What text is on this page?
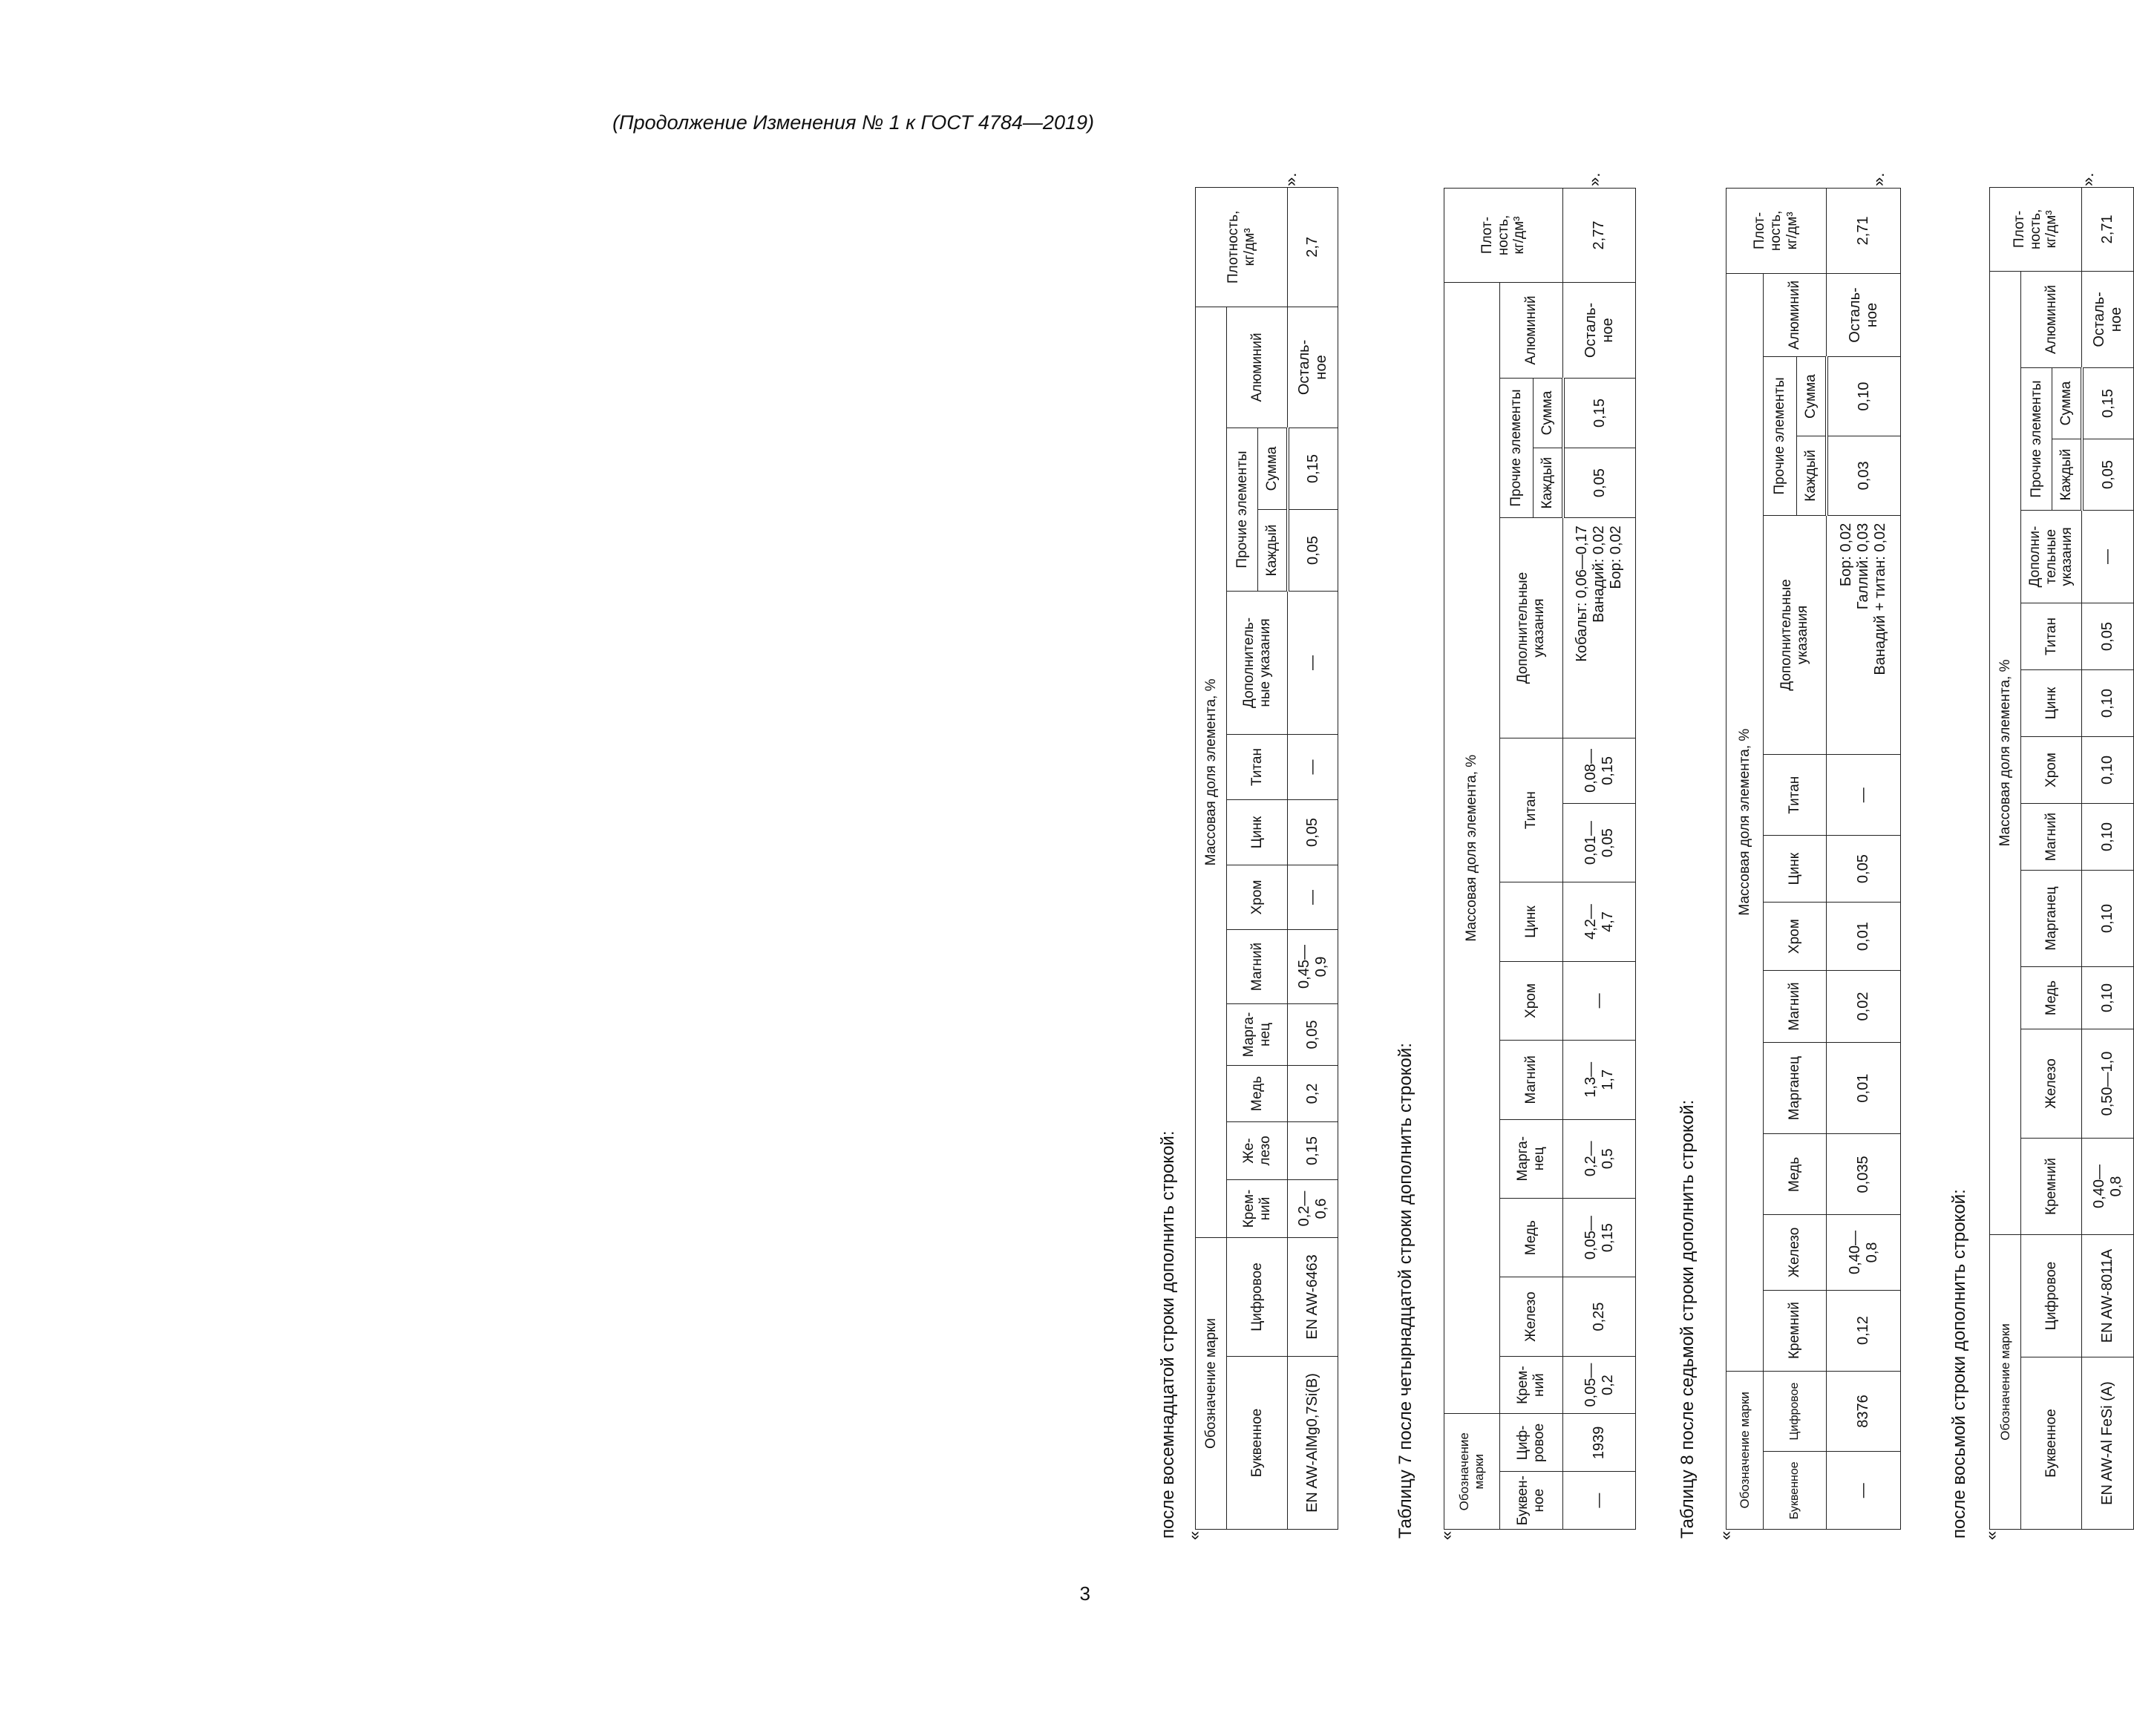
(Продолжение Изменения № 1 к ГОСТ 4784—2019)
после восемнадцатой строки дополнить строкой: «
Обозначение марки		Массовая доля элемента, %												Плотность,
кг/дм³
Буквенное	Цифровое	Крем-
ний	Же-
лезо	Медь	Марга-
нец	Магний	Хром	Цинк	Титан	Дополнитель-
ные указания	Прочие элементы		Алюминий	
											Каждый	Сумма		
EN AW-AlMg0,7Si(B)	EN AW-6463	0,2—
0,6	0,15	0,2	0,05	0,45—
0,9	—	0,05	—	—	0,05	0,15	Осталь-
ное	2,7
».
Таблицу 7 после четырнадцатой строки дополнить строкой: «
Обозначение
марки		Массовая доля элемента, %													Плот-
ность,
кг/дм³
Буквен-
ное	Циф-
ровое	Крем-
ний	Железо	Медь	Марга-
нец	Магний	Хром	Цинк	Титан		Дополнительные
указания	Прочие элементы		Алюминий	
												Каждый	Сумма		
—	1939	0,05—
0,2	0,25	0,05—
0,15	0,2—
0,5	1,3—
1,7	—	4,2—
4,7	0,01—
0,05	0,08—
0,15	Кобальт: 0,06—0,17
Ванадий: 0,02
Бор: 0,02	0,05	0,15	Осталь-
ное	2,77
».
Таблицу 8 после седьмой строки дополнить строкой: «
Обозначение марки		Массовая доля элемента, %												Плот-
ность,
кг/дм³
Буквенное	Цифровое	Кремний	Железо	Медь	Марганец	Магний	Хром	Цинк	Титан	Дополнительные
указания	Прочие элементы		Алюминий	
											Каждый	Сумма		
—	8376	0,12	0,40—
0,8	0,035	0,01	0,02	0,01	0,05	—	Бор: 0,02
Галлий: 0,03
Ванадий + титан: 0,02	0,03	0,10	Осталь-
ное	2,71
».
после восьмой строки дополнить строкой: «
Обозначение марки		Массовая доля элемента, %												Плот-
ность,
кг/дм³
Буквенное	Цифровое	Кремний	Железо	Медь	Марганец	Магний	Хром	Цинк	Титан	Дополни-
тельные
указания	Прочие элементы		Алюминий	
											Каждый	Сумма		
EN AW-Al FeSi (A)	EN AW-8011A	0,40—
0,8	0,50—1,0	0,10	0,10	0,10	0,10	0,10	0,05	—	0,05	0,15	Осталь-
ное	2,71
».
3
